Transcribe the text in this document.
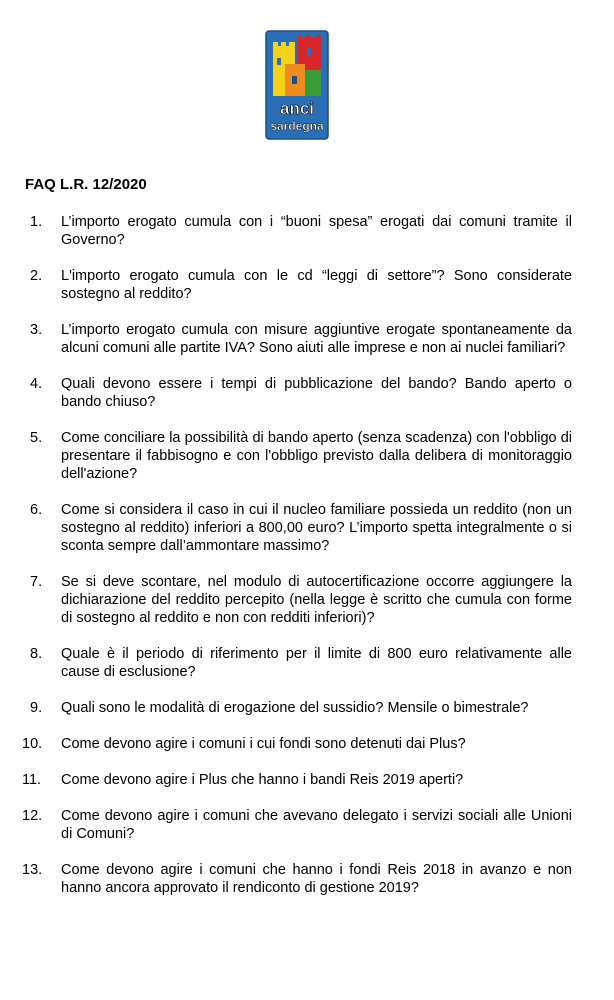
anci
sardegna
FAQ L.R. 12/2020
1.	L’importo erogato cumula con i “buoni spesa” erogati dai comuni tramite il Governo?
2.	L'importo erogato cumula con le cd “leggi di settore”? Sono considerate sostegno al reddito?
3.	L’importo erogato cumula con misure aggiuntive erogate spontaneamente da alcuni comuni alle partite IVA? Sono aiuti alle imprese e non ai nuclei familiari?
4.	Quali devono essere i tempi di pubblicazione del bando? Bando aperto o bando chiuso?
5.	Come conciliare la possibilità di bando aperto (senza scadenza) con l'obbligo di presentare il fabbisogno e con l'obbligo previsto dalla delibera di monitoraggio dell'azione?
6.	Come si considera il caso in cui il nucleo familiare possieda un reddito (non un sostegno al reddito) inferiori a 800,00 euro? L’importo spetta integralmente o si sconta sempre dall’ammontare massimo?
7.	Se si deve scontare, nel modulo di autocertificazione occorre aggiungere la dichiarazione del reddito percepito (nella legge è scritto che cumula con forme di sostegno al reddito e non con redditi inferiori)?
8.	Quale è il periodo di riferimento per il limite di 800 euro relativamente alle cause di esclusione?
9.	Quali sono le modalità di erogazione del sussidio? Mensile o bimestrale?
10.	Come devono agire i comuni i cui fondi sono detenuti dai Plus?
11.	Come devono agire i Plus che hanno i bandi Reis 2019 aperti?
12.	Come devono agire i comuni che avevano delegato i servizi sociali alle Unioni di Comuni?
13.	Come devono agire i comuni che hanno i fondi Reis 2018 in avanzo e non hanno ancora approvato il rendiconto di gestione 2019?
